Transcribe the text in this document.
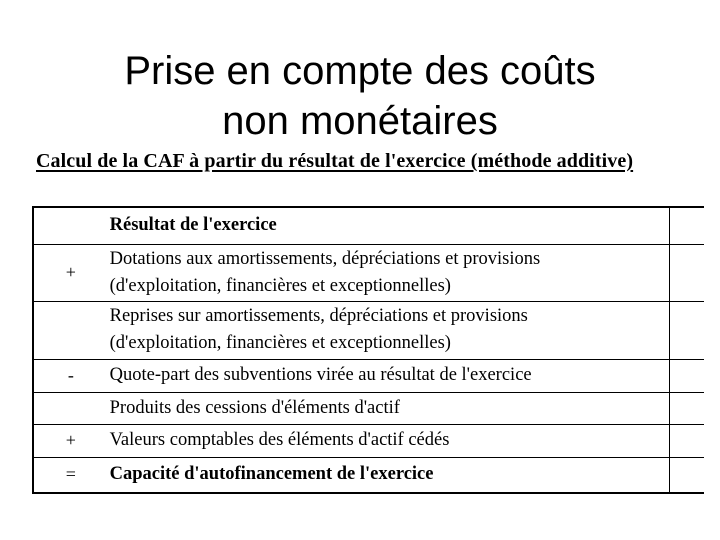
Prise en compte des coûts
non monétaires
Calcul de la CAF à partir du résultat de l'exercice (méthode additive)

	Résultat de l'exercice	

+	Dotations aux amortissements, dépréciations et provisions
(d'exploitation, financières et exceptionnelles)	

	Reprises sur amortissements, dépréciations et provisions
(d'exploitation, financières et exceptionnelles)	

-	Quote-part des subventions virée au résultat de l'exercice	

	Produits des cessions d'éléments d'actif	

+	Valeurs comptables des éléments d'actif cédés	

=	Capacité d'autofinancement de l'exercice	
